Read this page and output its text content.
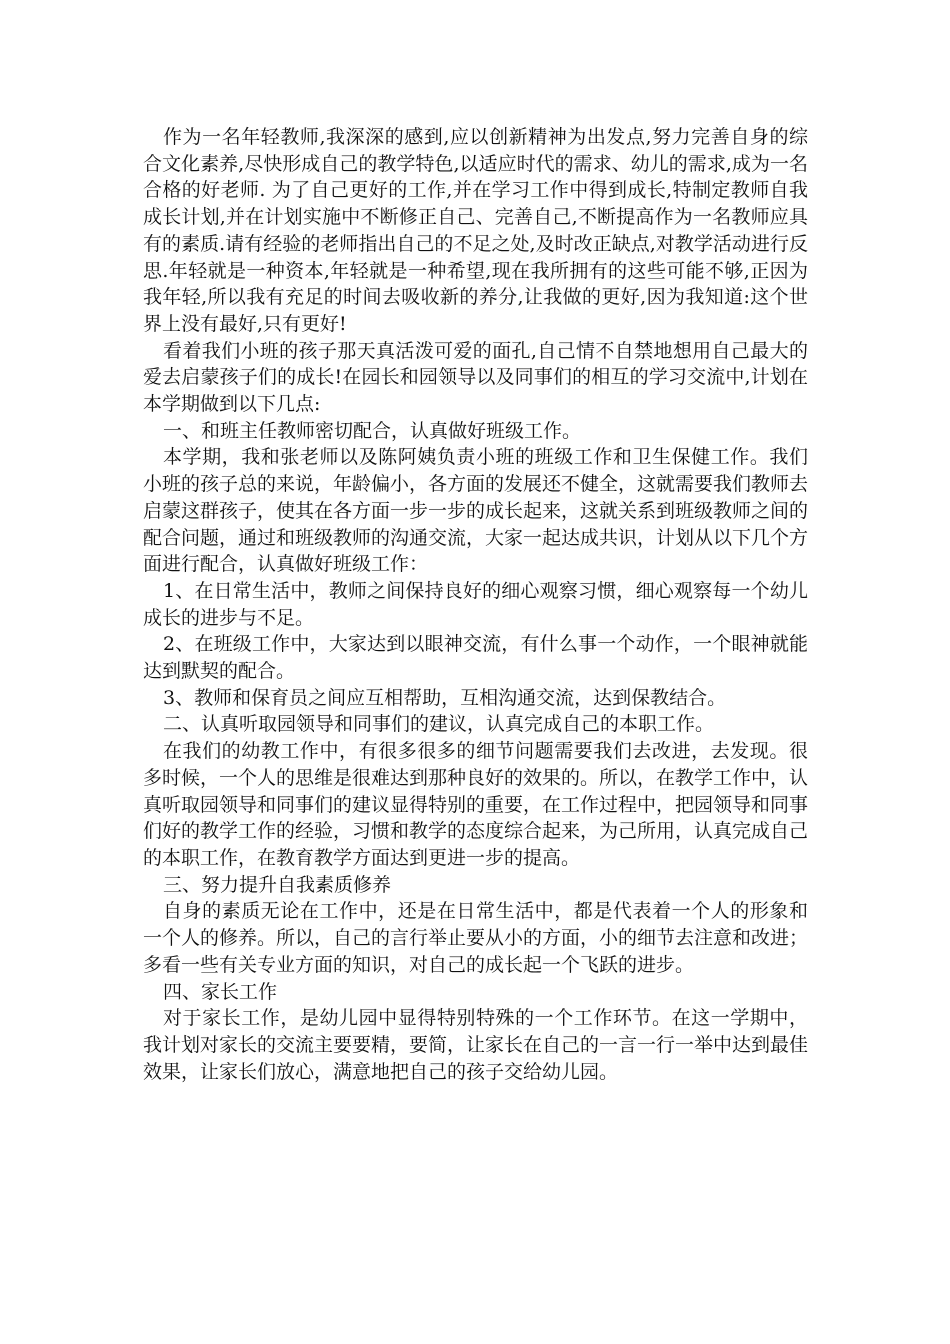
作为一名年轻教师,我深深的感到,应以创新精神为出发点,努力完善自身的综合文化素养,尽快形成自己的教学特色,以适应时代的需求、幼儿的需求,成为一名合格的好老师. 为了自己更好的工作,并在学习工作中得到成长,特制定教师自我成长计划,并在计划实施中不断修正自己、完善自己,不断提高作为一名教师应具有的素质.请有经验的老师指出自己的不足之处,及时改正缺点,对教学活动进行反思.年轻就是一种资本,年轻就是一种希望,现在我所拥有的这些可能不够,正因为我年轻,所以我有充足的时间去吸收新的养分,让我做的更好,因为我知道:这个世界上没有最好,只有更好!

看着我们小班的孩子那天真活泼可爱的面孔,自己情不自禁地想用自己最大的爱去启蒙孩子们的成长!在园长和园领导以及同事们的相互的学习交流中,计划在本学期做到以下几点:

一、和班主任教师密切配合，认真做好班级工作。

本学期，我和张老师以及陈阿姨负责小班的班级工作和卫生保健工作。我们小班的孩子总的来说，年龄偏小，各方面的发展还不健全，这就需要我们教师去启蒙这群孩子，使其在各方面一步一步的成长起来，这就关系到班级教师之间的配合问题，通过和班级教师的沟通交流，大家一起达成共识，计划从以下几个方面进行配合，认真做好班级工作：

1、在日常生活中，教师之间保持良好的细心观察习惯，细心观察每一个幼儿成长的进步与不足。

2、在班级工作中，大家达到以眼神交流，有什么事一个动作，一个眼神就能达到默契的配合。

3、教师和保育员之间应互相帮助，互相沟通交流，达到保教结合。

二、认真听取园领导和同事们的建议，认真完成自己的本职工作。

在我们的幼教工作中，有很多很多的细节问题需要我们去改进，去发现。很多时候，一个人的思维是很难达到那种良好的效果的。所以，在教学工作中，认真听取园领导和同事们的建议显得特别的重要，在工作过程中，把园领导和同事们好的教学工作的经验，习惯和教学的态度综合起来，为己所用，认真完成自己的本职工作，在教育教学方面达到更进一步的提高。

三、努力提升自我素质修养

自身的素质无论在工作中，还是在日常生活中，都是代表着一个人的形象和一个人的修养。所以，自己的言行举止要从小的方面，小的细节去注意和改进；多看一些有关专业方面的知识，对自己的成长起一个飞跃的进步。

四、家长工作

对于家长工作，是幼儿园中显得特别特殊的一个工作环节。在这一学期中，我计划对家长的交流主要要精，要简，让家长在自己的一言一行一举中达到最佳效果，让家长们放心，满意地把自己的孩子交给幼儿园。
